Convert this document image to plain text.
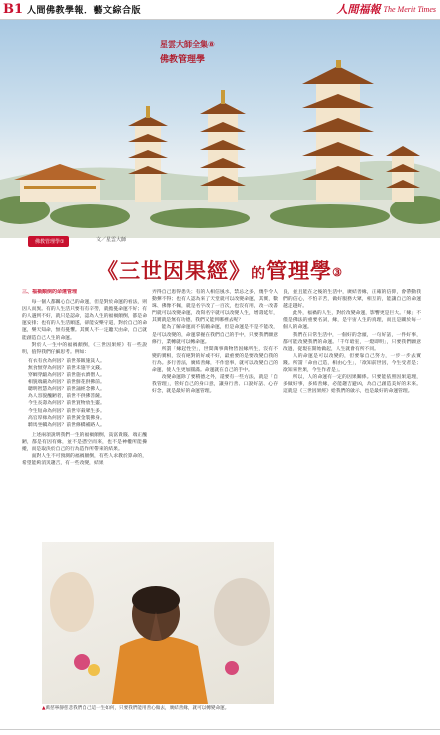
B1 人間佛教學報．藝文綜合版	人間福報 The Merit Times
星雲大師全集⑧
佛教管理學
佛教管理學①	文／星雲大師
《三世因果經》的管理學③
三、福禍顛倒的命運管理

每一個人都關心自己的命運，但是對於命運的看法，則因人而異。有的人生活只要有有辛勞，就擔憂命運不好；有的人遇到不好，就只是認命，認為人生的福禍顛倒，都是命運安排；也有的人生活順遂，卻能安樂守道，對於自己的命運，樂天知命，無有憂懼。其實人不一定聽天由命，自己就能創造自己人生的命運。

對於人一生中的福禍顛倒，《三世因果經》有一些說明，值得我們仔細思考。例如：

有衣有食為何因？前世茶飯施貧人。
無食無穿為何因？前世未施半文錢。
穿綢穿緞為何因？前世施衣濟僧人。
相貌端嚴為何因？前世鮮花供佛前。
聰明智慧為何因？前世誦經念佛人。
為人容貌醜陋者，前世不供佛菩薩。
今生長壽為何因？前世買物放生靈。
今生短命為何因？前世宰殺眾生多。
高官厚祿為何因？前世黃金裝佛身。
騎馬坐轎為何因？前世修橋補路人。

上述兩項說明我們一生的福禍顛倒，貧富貴賤、端正醜陋，都是有因有緣，並不是憑空而來，也不是神權所能操縱，而是取決於自己的行為造作所帶來的結果。

面對人生不可預測的福禍顛倒，有些人求教於算命的，希望能夠消災趨吉，有一些改變，結果

弄得自己患得患失；有的人相信風水，禁忌之多，幾乎令人動彈不得；也有人認為來了天堂就可以改變命運，其實，數珠、佛像不佩，就是名字改了一百次，也沒有用，改一改書門就可以改變命運，改寫名字就可以改變人生，增壽延年，其實就是無有功德，我們又能到哪裡去呢？

能為了解命運而不依賴命運，但是命運是不是不能改，是可以改變的，命運掌握在我們自己的手中，只要我們願意修行，業轉就可以轉命運。

所謂「緣起性空」，世間萬事萬物皆因緣所生，沒有不變的實相，沒有絕對的好或不好，最重要的是要改變自我的行為。多行善法，廣結善緣，不作惡事，就可以改變自己的命運，使人生更加圓滿。命運就在自己的手中。

改變命運除了要積德之外，還要有一些方法，就是「自我管理」，管好自己的身口意，讓身行善、口說好話、心存好念，就是最好的命運管理。

良，並且能在之後的生活中，廣結善緣，正確的信仰，會帶動我們的信心，不怕辛苦，做好服務大眾，相互的，能讓自己的命運越走越好。

此外，福禍的人生，對於改變命運，影響更是巨大。「緣」不僅是佛法的重要名詞，緣，是宇宙人生的真理，而且是關於每一個人的命運。

我們在日常生活中，一個好的念頭，一句好話，一件好事，都可能改變我們的命運。「千年暗室，一燈即明」，只要我們願意改過，從現在開始做起，人生就會有所不同。

人的命運是可以改變的，但要靠自己努力，一步一步去實踐。所謂「命由己造，相由心生」，「欲知前世因，今生受者是；欲知來世果，今生作者是」。

所以，人的命運有一定的因果關係。只要能依照因果道理，多做好事，多結善緣，必能趨吉避凶，為自己創造美好的未來。這就是《三世因果經》給我們的啟示，也是最好的命運管理。

▲萬慈寧靜慈悲我們自己這一生如何，只要我們能用善心做去，廣結善緣，就可以轉變命運。
